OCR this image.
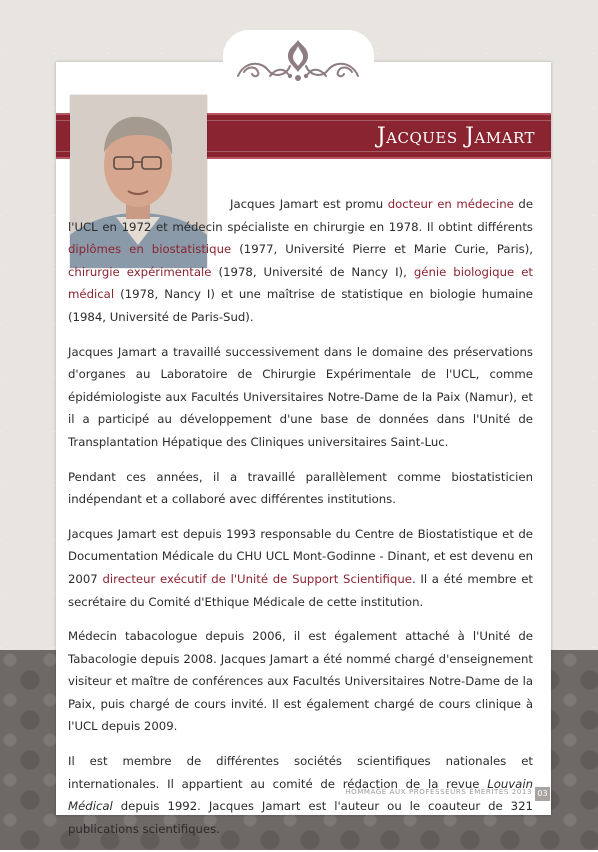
Jacques Jamart

Jacques Jamart est promu docteur en médecine de l'UCL en 1972 et médecin spécialiste en chirurgie en 1978. Il obtint différents diplômes en biostatistique (1977, Université Pierre et Marie Curie, Paris), chirurgie expérimentale (1978, Université de Nancy I), génie biologique et médical (1978, Nancy I) et une maîtrise de statistique en biologie humaine (1984, Université de Paris-Sud).

Jacques Jamart a travaillé successivement dans le domaine des préservations d'organes au Laboratoire de Chirurgie Expérimentale de l'UCL, comme épidémiologiste aux Facultés Universitaires Notre-Dame de la Paix (Namur), et il a participé au développement d'une base de données dans l'Unité de Transplantation Hépatique des Cliniques universitaires Saint-Luc.

Pendant ces années, il a travaillé parallèlement comme biostatisticien indépendant et a collaboré avec différentes institutions.

Jacques Jamart est depuis 1993 responsable du Centre de Biostatistique et de Documentation Médicale du CHU UCL Mont-Godinne - Dinant, et est devenu en 2007 directeur exécutif de l'Unité de Support Scientifique. Il a été membre et secrétaire du Comité d'Ethique Médicale de cette institution.

Médecin tabacologue depuis 2006, il est également attaché à l'Unité de Tabacologie depuis 2008. Jacques Jamart a été nommé chargé d'enseignement visiteur et maître de conférences aux Facultés Universitaires Notre-Dame de la Paix, puis chargé de cours invité. Il est également chargé de cours clinique à l'UCL depuis 2009.

Il est membre de différentes sociétés scientifiques nationales et internationales. Il appartient au comité de rédaction de la revue Louvain Médical depuis 1992. Jacques Jamart est l'auteur ou le coauteur de 321 publications scientifiques.

HOMMAGE AUX PROFESSEURS ÉMÉRITES 2013 03
